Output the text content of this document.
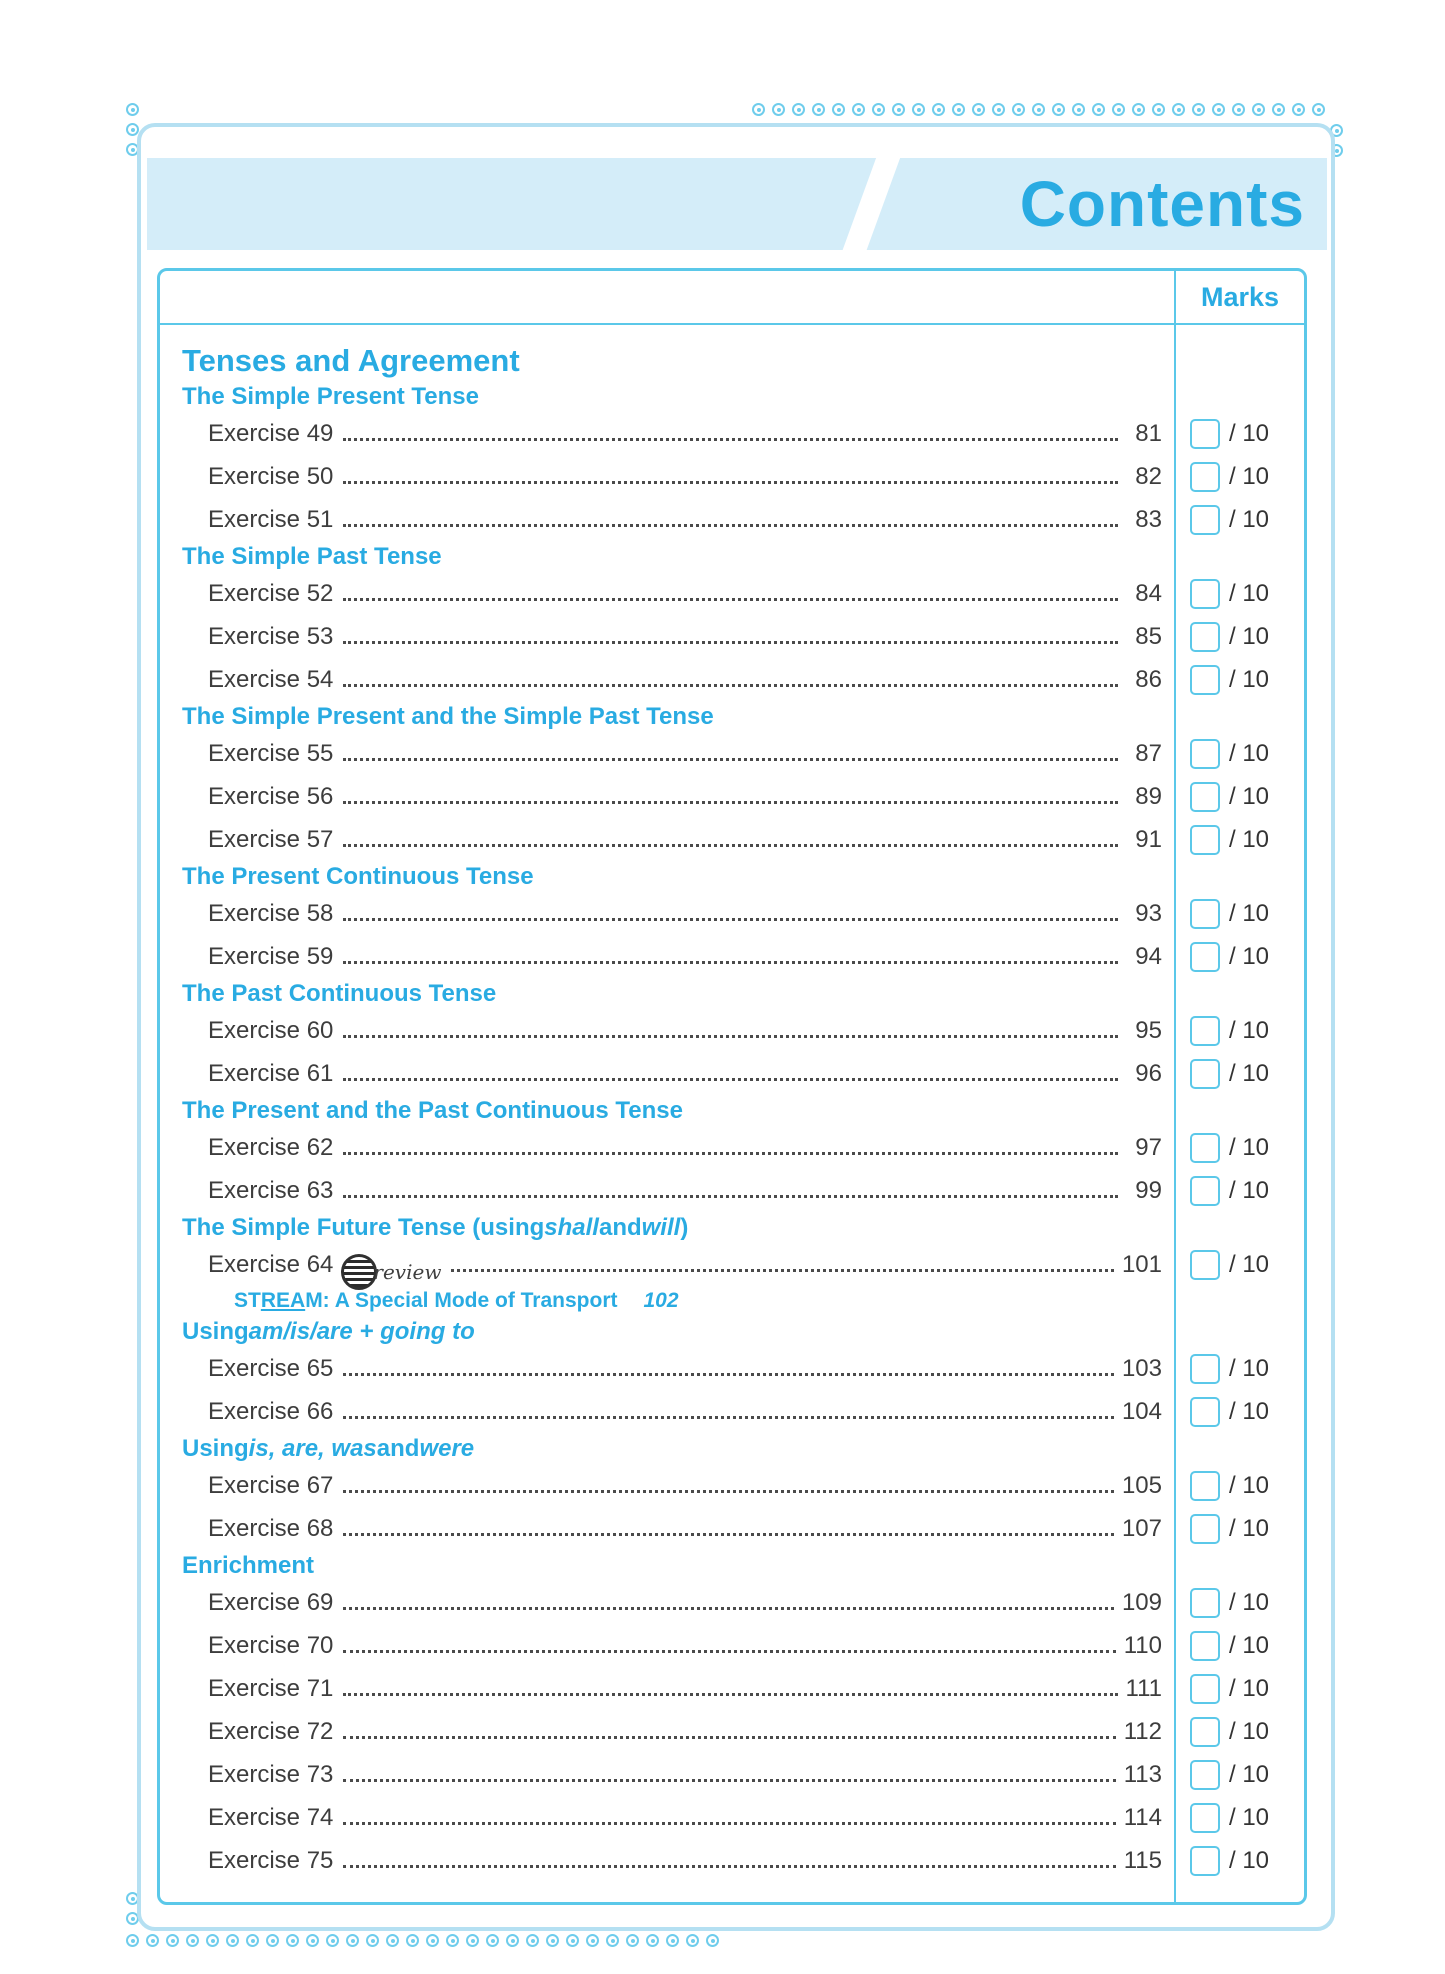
Contents
Marks
Tenses and Agreement
The Simple Present Tense
Exercise 49	81	/ 10
Exercise 50	82	/ 10
Exercise 51	83	/ 10
The Simple Past Tense
Exercise 52	84	/ 10
Exercise 53	85	/ 10
Exercise 54	86	/ 10
The Simple Present and the Simple Past Tense
Exercise 55	87	/ 10
Exercise 56	89	/ 10
Exercise 57	91	/ 10
The Present Continuous Tense
Exercise 58	93	/ 10
Exercise 59	94	/ 10
The Past Continuous Tense
Exercise 60	95	/ 10
Exercise 61	96	/ 10
The Present and the Past Continuous Tense
Exercise 62	97	/ 10
Exercise 63	99	/ 10
The Simple Future Tense (using shall and will )
Exercise 64 review	101	/ 10
ST REA M: A Special Mode of Transport 102
Using am/is/are + going to
Exercise 65	103	/ 10
Exercise 66	104	/ 10
Using is, are, was and were
Exercise 67	105	/ 10
Exercise 68	107	/ 10
Enrichment
Exercise 69	109	/ 10
Exercise 70	110	/ 10
Exercise 71	111	/ 10
Exercise 72	112	/ 10
Exercise 73	113	/ 10
Exercise 74	114	/ 10
Exercise 75	115	/ 10
